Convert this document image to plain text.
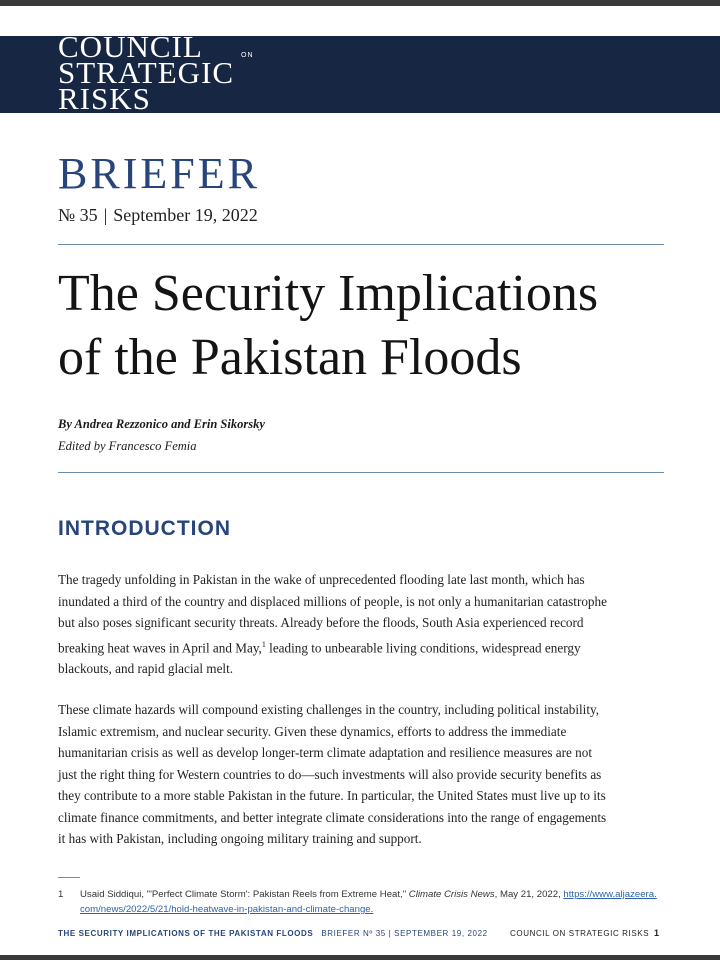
COUNCIL	ON
STRATEGIC
RISKS
BRIEFER
№ 35 | September 19, 2022
The Security Implications
of the Pakistan Floods
By Andrea Rezzonico and Erin Sikorsky
Edited by Francesco Femia
INTRODUCTION
The tragedy unfolding in Pakistan in the wake of unprecedented flooding late last month, which has
inundated a third of the country and displaced millions of people, is not only a humanitarian catastrophe
but also poses significant security threats. Already before the floods, South Asia experienced record
breaking heat waves in April and May,$^1$ leading to unbearable living conditions, widespread energy
blackouts, and rapid glacial melt.
These climate hazards will compound existing challenges in the country, including political instability,
Islamic extremism, and nuclear security. Given these dynamics, efforts to address the immediate
humanitarian crisis as well as develop longer-term climate adaptation and resilience measures are not
just the right thing for Western countries to do—such investments will also provide security benefits as
they contribute to a more stable Pakistan in the future. In particular, the United States must live up to its
climate finance commitments, and better integrate climate considerations into the range of engagements
it has with Pakistan, including ongoing military training and support.
1 Usaid Siddiqui, "'Perfect Climate Storm': Pakistan Reels from Extreme Heat," Climate Crisis News, May 21, 2022, https://www.aljazeera.
com/news/2022/5/21/hold-heatwave-in-pakistan-and-climate-change.
THE SECURITY IMPLICATIONS OF THE PAKISTAN FLOODS BRIEFER Nº 35 | SEPTEMBER 19, 2022	COUNCIL ON STRATEGIC RISKS 1
